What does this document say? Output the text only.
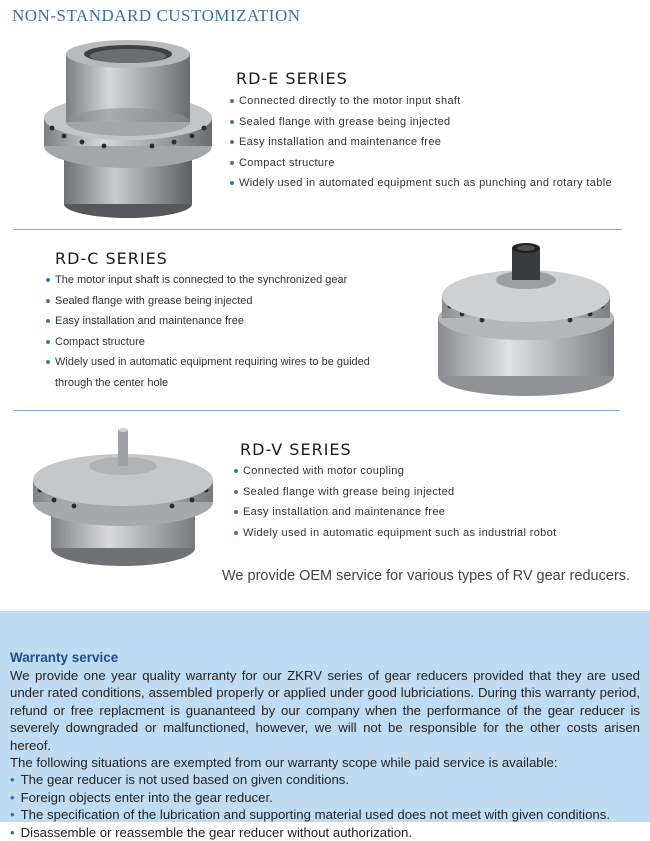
NON-STANDARD CUSTOMIZATION
RD-E SERIES
Connected directly to the motor input shaft
Sealed flange with grease being injected
Easy installation and maintenance free
Compact structure
Widely used in automated equipment such as punching and rotary table
RD-C SERIES
The motor input shaft is connected to the synchronized gear
Sealed flange with grease being injected
Easy installation and maintenance free
Compact structure
Widely used in automatic equipment requiring wires to be guided
through the center hole
RD-V SERIES
Connected with motor coupling
Sealed flange with grease being injected
Easy installation and maintenance free
Widely used in automatic equipment such as industrial robot
We provide OEM service for various types of RV gear reducers.
Warranty service

We provide one year quality warranty for our ZKRV series of gear reducers provided that they are used under rated conditions, assembled properly or applied under good lubriciations. During this warranty period, refund or free replacment is guananteed by our company when the performance of the gear reducer is severely downgraded or malfunctioned, however, we will not be responsible for the other costs arisen hereof.

The following situations are exempted from our warranty scope while paid service is available:

• The gear reducer is not used based on given conditions.
• Foreign objects enter into the gear reducer.
• The specification of the lubrication and supporting material used does not meet with given conditions.
• Disassemble or reassemble the gear reducer without authorization.
